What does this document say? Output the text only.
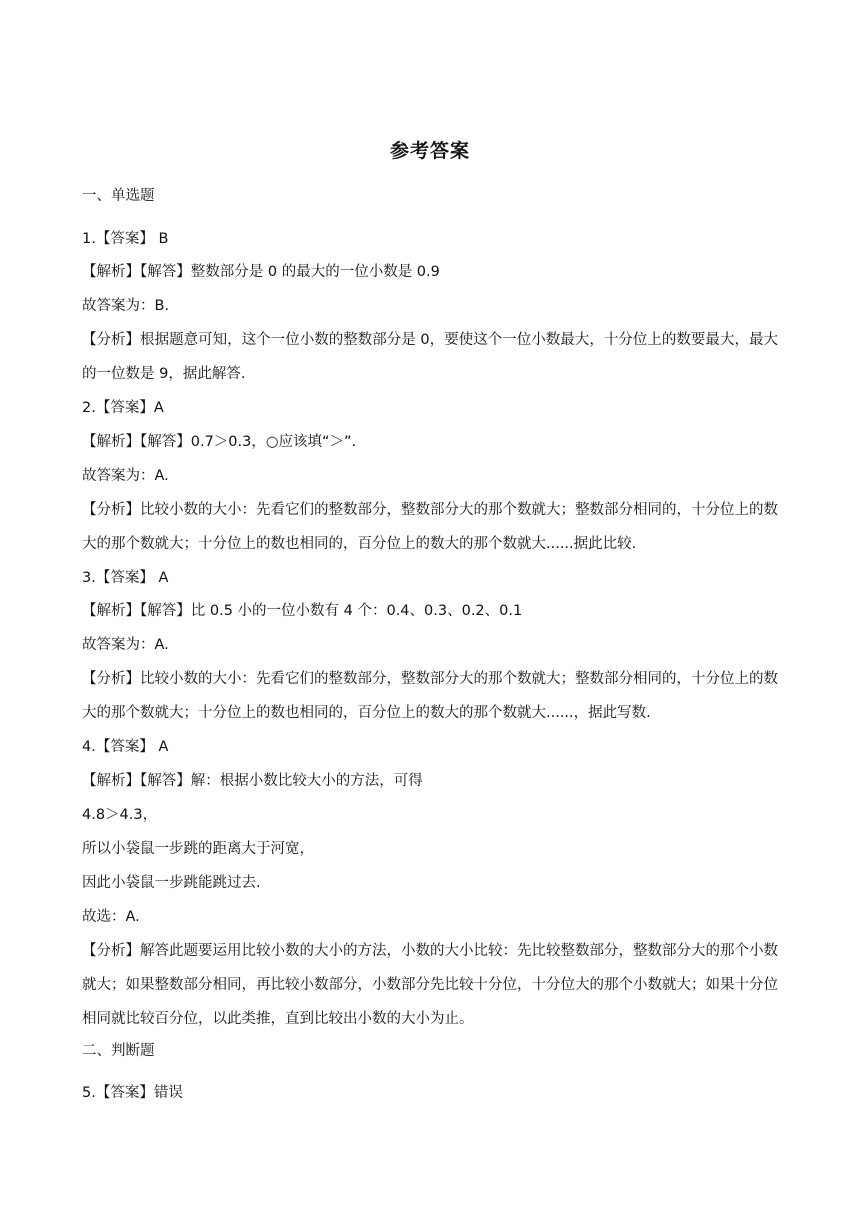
参考答案
一、单选题
1.【答案】 B
【解析】【解答】整数部分是 0 的最大的一位小数是 0.9
故答案为：B.
【分析】根据题意可知，这个一位小数的整数部分是 0，要使这个一位小数最大，十分位上的数要最大，最大的一位数是 9，据此解答.
2.【答案】A
【解析】【解答】0.7＞0.3，○应该填“＞”.
故答案为：A.
【分析】比较小数的大小：先看它们的整数部分，整数部分大的那个数就大；整数部分相同的，十分位上的数大的那个数就大；十分位上的数也相同的，百分位上的数大的那个数就大......据此比较.
3.【答案】 A
【解析】【解答】比 0.5 小的一位小数有 4 个：0.4、0.3、0.2、0.1
故答案为：A.
【分析】比较小数的大小：先看它们的整数部分，整数部分大的那个数就大；整数部分相同的，十分位上的数大的那个数就大；十分位上的数也相同的，百分位上的数大的那个数就大......，据此写数.
4.【答案】 A
【解析】【解答】解：根据小数比较大小的方法，可得
4.8＞4.3，
所以小袋鼠一步跳的距离大于河宽，
因此小袋鼠一步跳能跳过去.
故选：A.
【分析】解答此题要运用比较小数的大小的方法，小数的大小比较：先比较整数部分，整数部分大的那个小数就大；如果整数部分相同，再比较小数部分，小数部分先比较十分位，十分位大的那个小数就大；如果十分位相同就比较百分位，以此类推，直到比较出小数的大小为止。
二、判断题
5.【答案】错误
